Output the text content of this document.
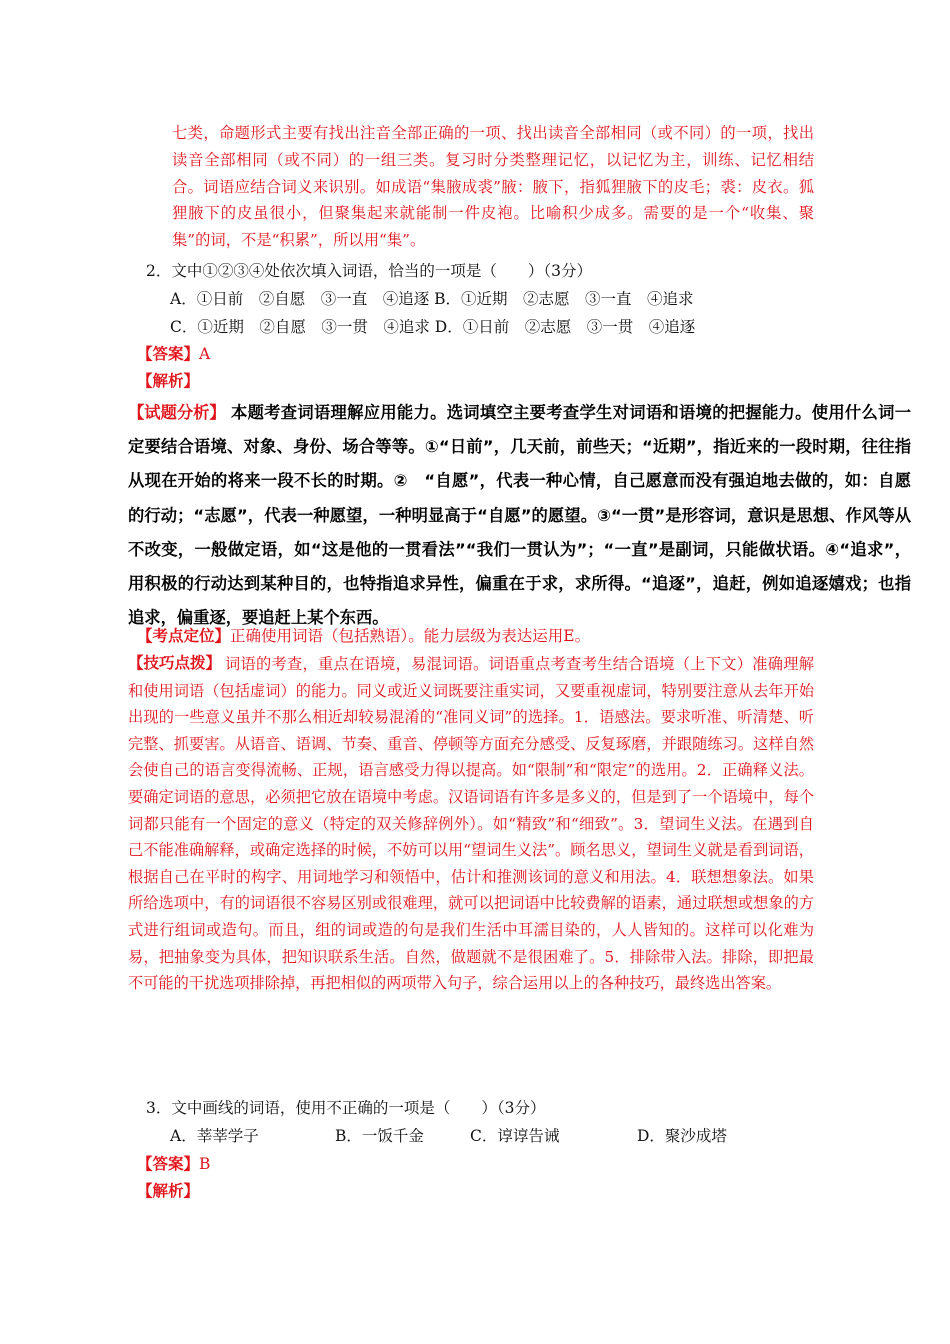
七类，命题形式主要有找出注音全部正确的一项、找出读音全部相同（或不同）的一项，找出读音全部相同（或不同）的一组三类。复习时分类整理记忆，以记忆为主，训练、记忆相结合。词语应结合词义来识别。如成语“集腋成裘”腋：腋下，指狐狸腋下的皮毛；裘：皮衣。狐狸腋下的皮虽很小，但聚集起来就能制一件皮袍。比喻积少成多。需要的是一个“收集、聚集”的词，不是“积累”，所以用“集”。
2．文中①②③④处依次填入词语，恰当的一项是（　　）（3分）
A．①日前　②自愿　③一直　④追逐 B．①近期　②志愿　③一直　④追求
C．①近期　②自愿　③一贯　④追求 D．①日前　②志愿　③一贯　④追逐
【答案】A
【解析】
【试题分析】 本题考查词语理解应用能力。选词填空主要考查学生对词语和语境的把握能力。使用什么词一定要结合语境、对象、身份、场合等等。①“日前”，几天前，前些天；“近期”，指近来的一段时期，往往指从现在开始的将来一段不长的时期。②　“自愿”，代表一种心情，自己愿意而没有强迫地去做的，如：自愿的行动；“志愿”，代表一种愿望，一种明显高于“自愿”的愿望。③“一贯”是形容词，意识是思想、作风等从不改变，一般做定语，如“这是他的一贯看法”“我们一贯认为”；“一直”是副词，只能做状语。④“追求”，用积极的行动达到某种目的，也特指追求异性，偏重在于求，求所得。“追逐”，追赶，例如追逐嬉戏；也指追求，偏重逐，要追赶上某个东西。
【考点定位】正确使用词语（包括熟语）。能力层级为表达运用E。
【技巧点拨】 词语的考查，重点在语境，易混词语。词语重点考查考生结合语境（上下文）准确理解和使用词语（包括虚词）的能力。同义或近义词既要注重实词，又要重视虚词，特别要注意从去年开始出现的一些意义虽并不那么相近却较易混淆的“准同义词”的选择。1．语感法。要求听准、听清楚、听完整、抓要害。从语音、语调、节奏、重音、停顿等方面充分感受、反复琢磨，并跟随练习。这样自然会使自己的语言变得流畅、正规，语言感受力得以提高。如“限制”和“限定”的选用。2．正确释义法。要确定词语的意思，必须把它放在语境中考虑。汉语词语有许多是多义的，但是到了一个语境中，每个词都只能有一个固定的意义（特定的双关修辞例外）。如“精致”和“细致”。3．望词生义法。在遇到自己不能准确解释，或确定选择的时候，不妨可以用“望词生义法”。顾名思义，望词生义就是看到词语，根据自己在平时的构字、用词地学习和领悟中，估计和推测该词的意义和用法。4．联想想象法。如果所给选项中，有的词语很不容易区别或很难理，就可以把词语中比较费解的语素，通过联想或想象的方式进行组词或造句。而且，组的词或造的句是我们生活中耳濡目染的，人人皆知的。这样可以化难为易，把抽象变为具体，把知识联系生活。自然，做题就不是很困难了。5．排除带入法。排除，即把最不可能的干扰选项排除掉，再把相似的两项带入句子，综合运用以上的各种技巧，最终选出答案。
3．文中画线的词语，使用不正确的一项是（　　）（3分）
A．莘莘学子	B．一饭千金	C．谆谆告诫	D．聚沙成塔
【答案】B
【解析】
